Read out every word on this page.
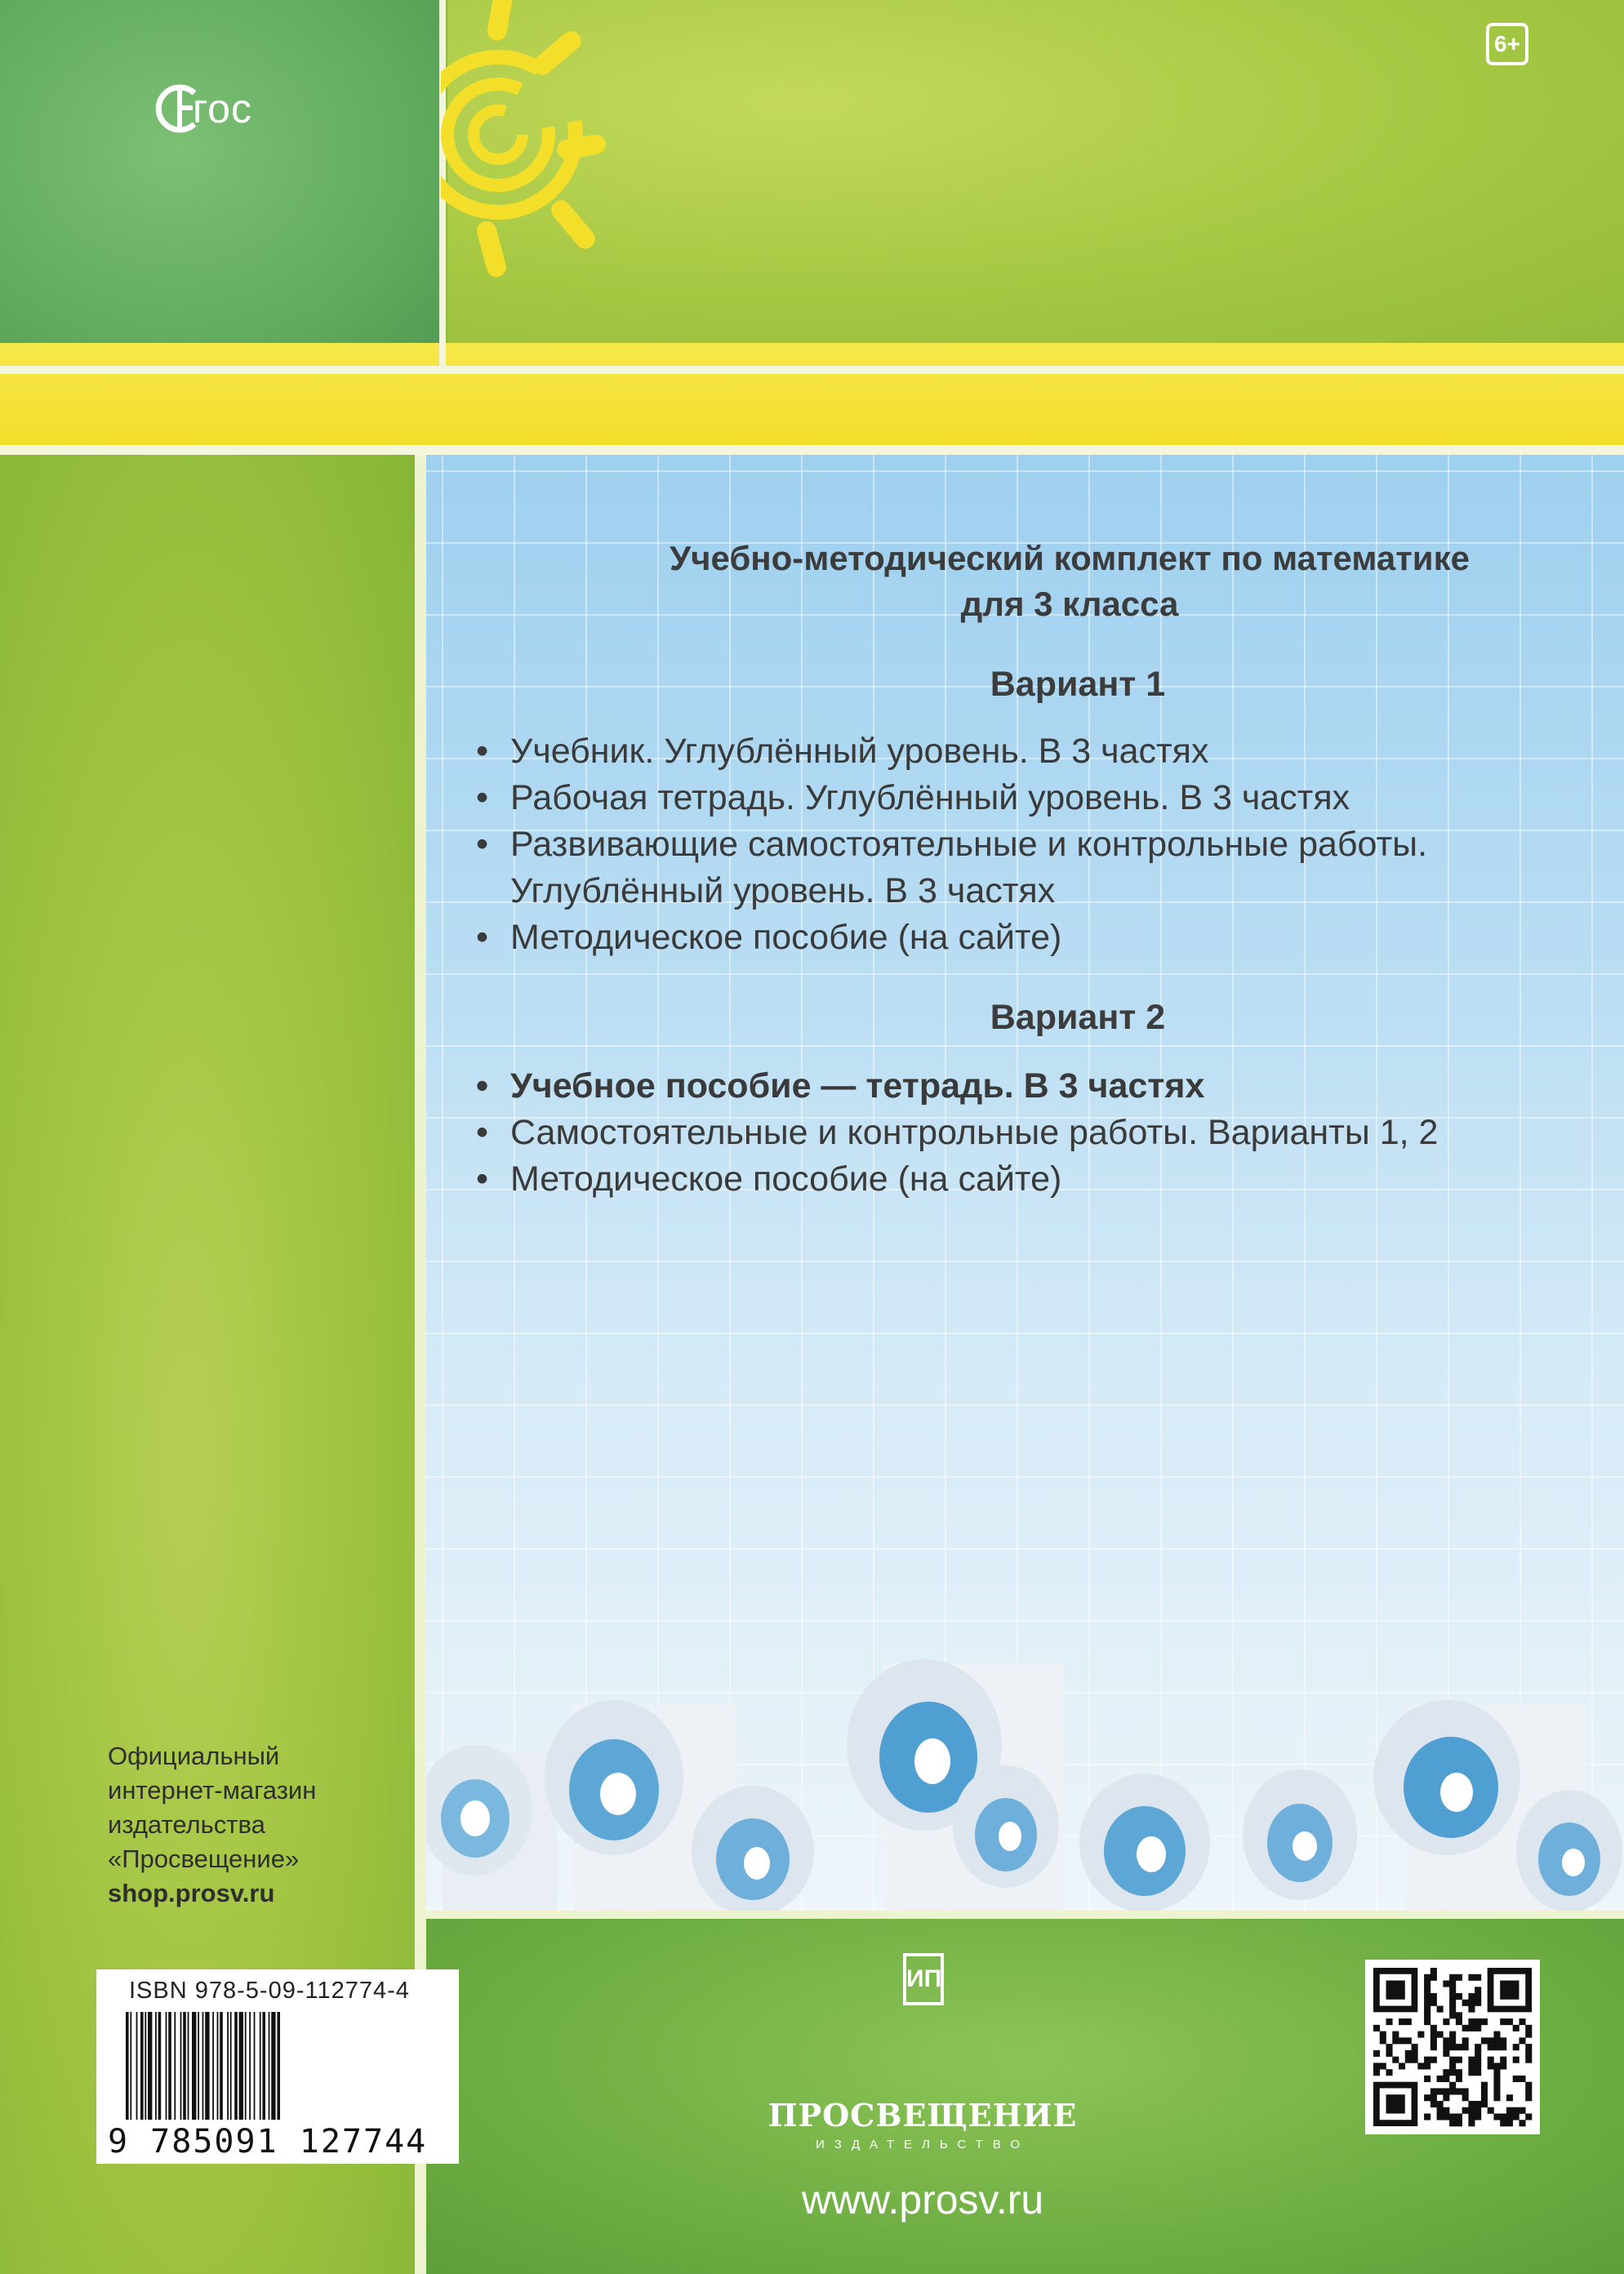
гос
6+
Учебно-методический комплект по математике
для 3 класса
Вариант 1
• Учебник. Углублённый уровень. В 3 частях
• Рабочая тетрадь. Углублённый уровень. В 3 частях
• Развивающие самостоятельные и контрольные работы.
Углублённый уровень. В 3 частях
• Методическое пособие (на сайте)
Вариант 2
• Учебное пособие — тетрадь. В 3 частях
• Самостоятельные и контрольные работы. Варианты 1, 2
• Методическое пособие (на сайте)
Официальный
интернет-магазин
издательства
«Просвещение»
shop.prosv.ru
ISBN 978-5-09-112774-4
9 785091 127744
ИП
ПРОСВЕЩЕНИЕ
ИЗДАТЕЛЬСТВО
www.prosv.ru
